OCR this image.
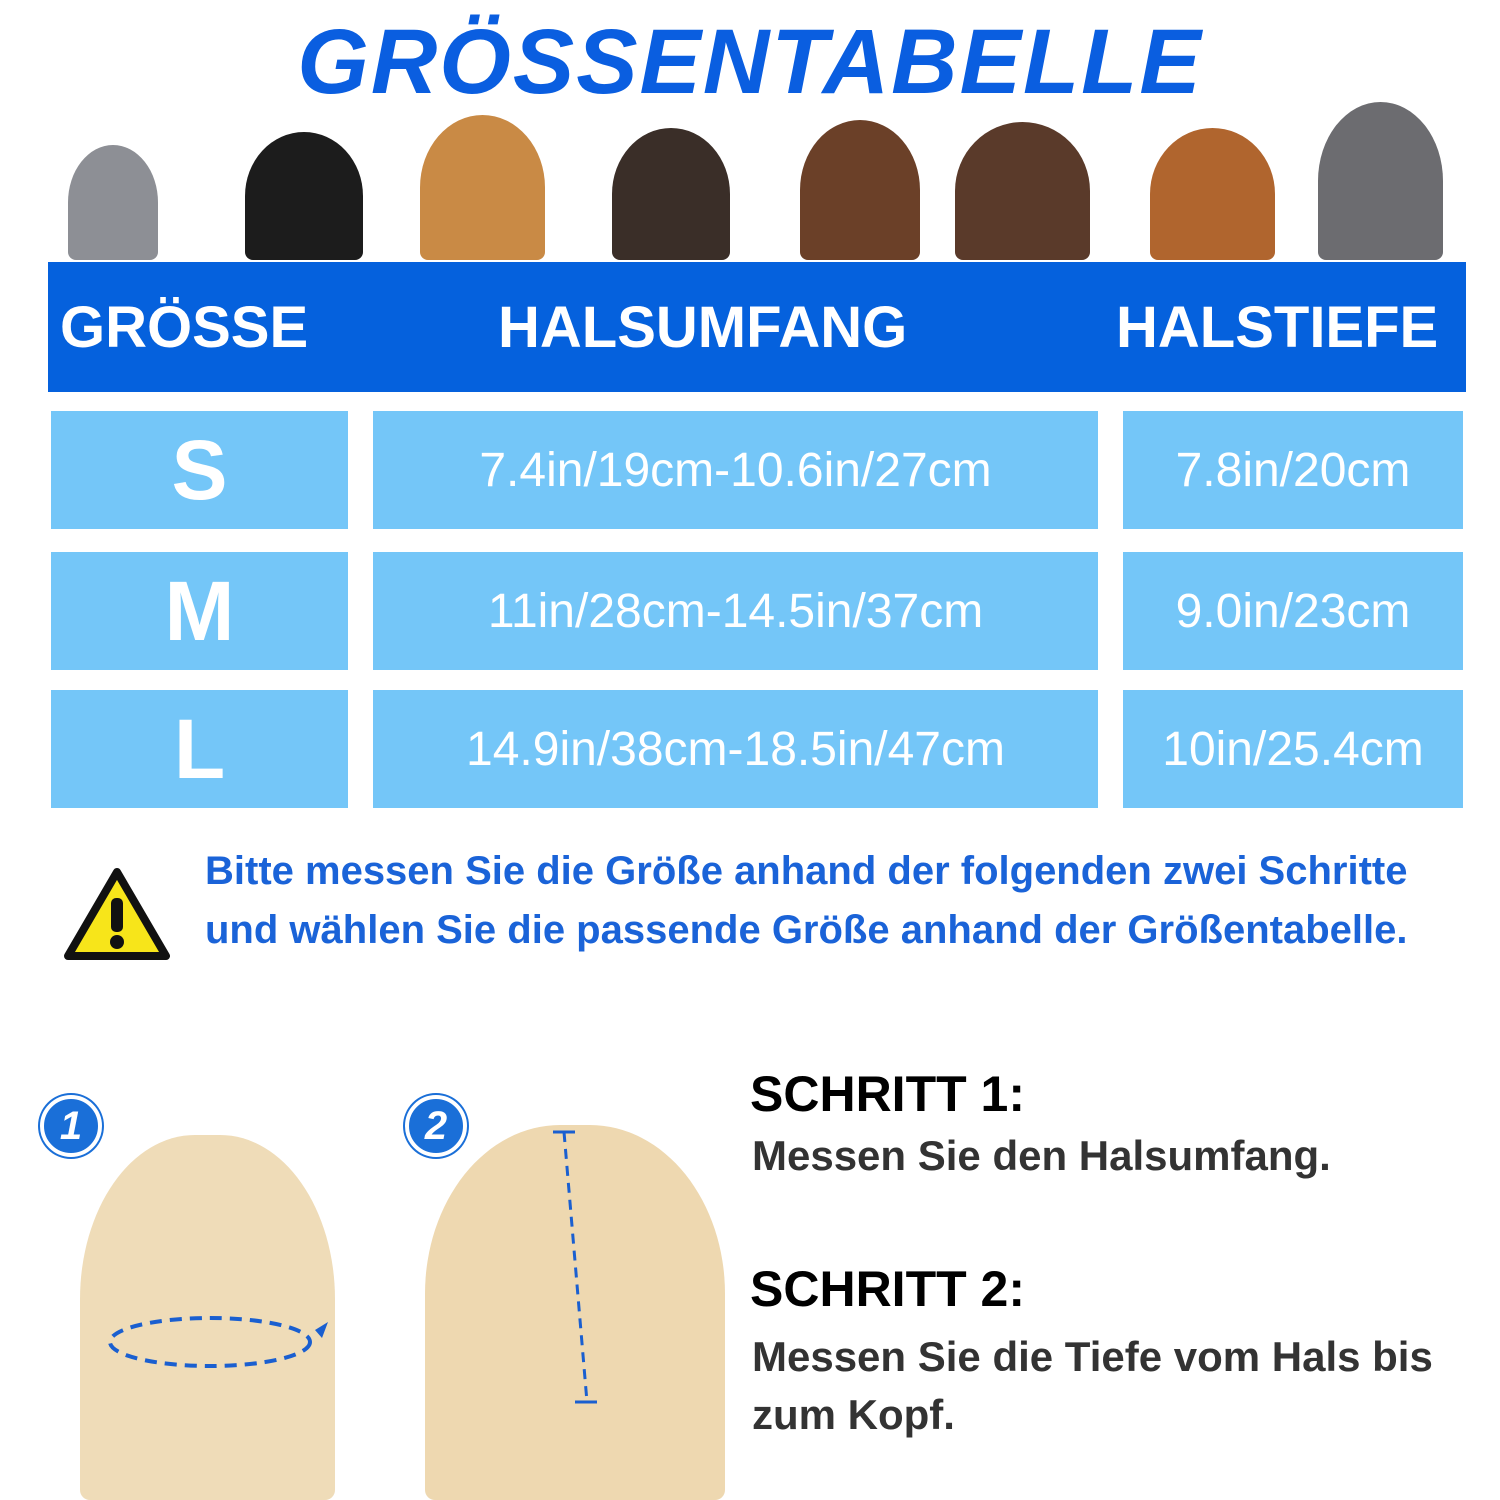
GRÖSSENTABELLE
GRÖSSE	HALSUMFANG	HALSTIEFE
S	7.4in/19cm-10.6in/27cm	7.8in/20cm
M	11in/28cm-14.5in/37cm	9.0in/23cm
L	14.9in/38cm-18.5in/47cm	10in/25.4cm
Bitte messen Sie die Größe anhand der folgenden zwei Schritte und wählen Sie die passende Größe anhand der Größentabelle.
1	2
SCHRITT 1:
Messen Sie den Halsumfang.
SCHRITT 2:
Messen Sie die Tiefe vom Hals bis zum Kopf.
